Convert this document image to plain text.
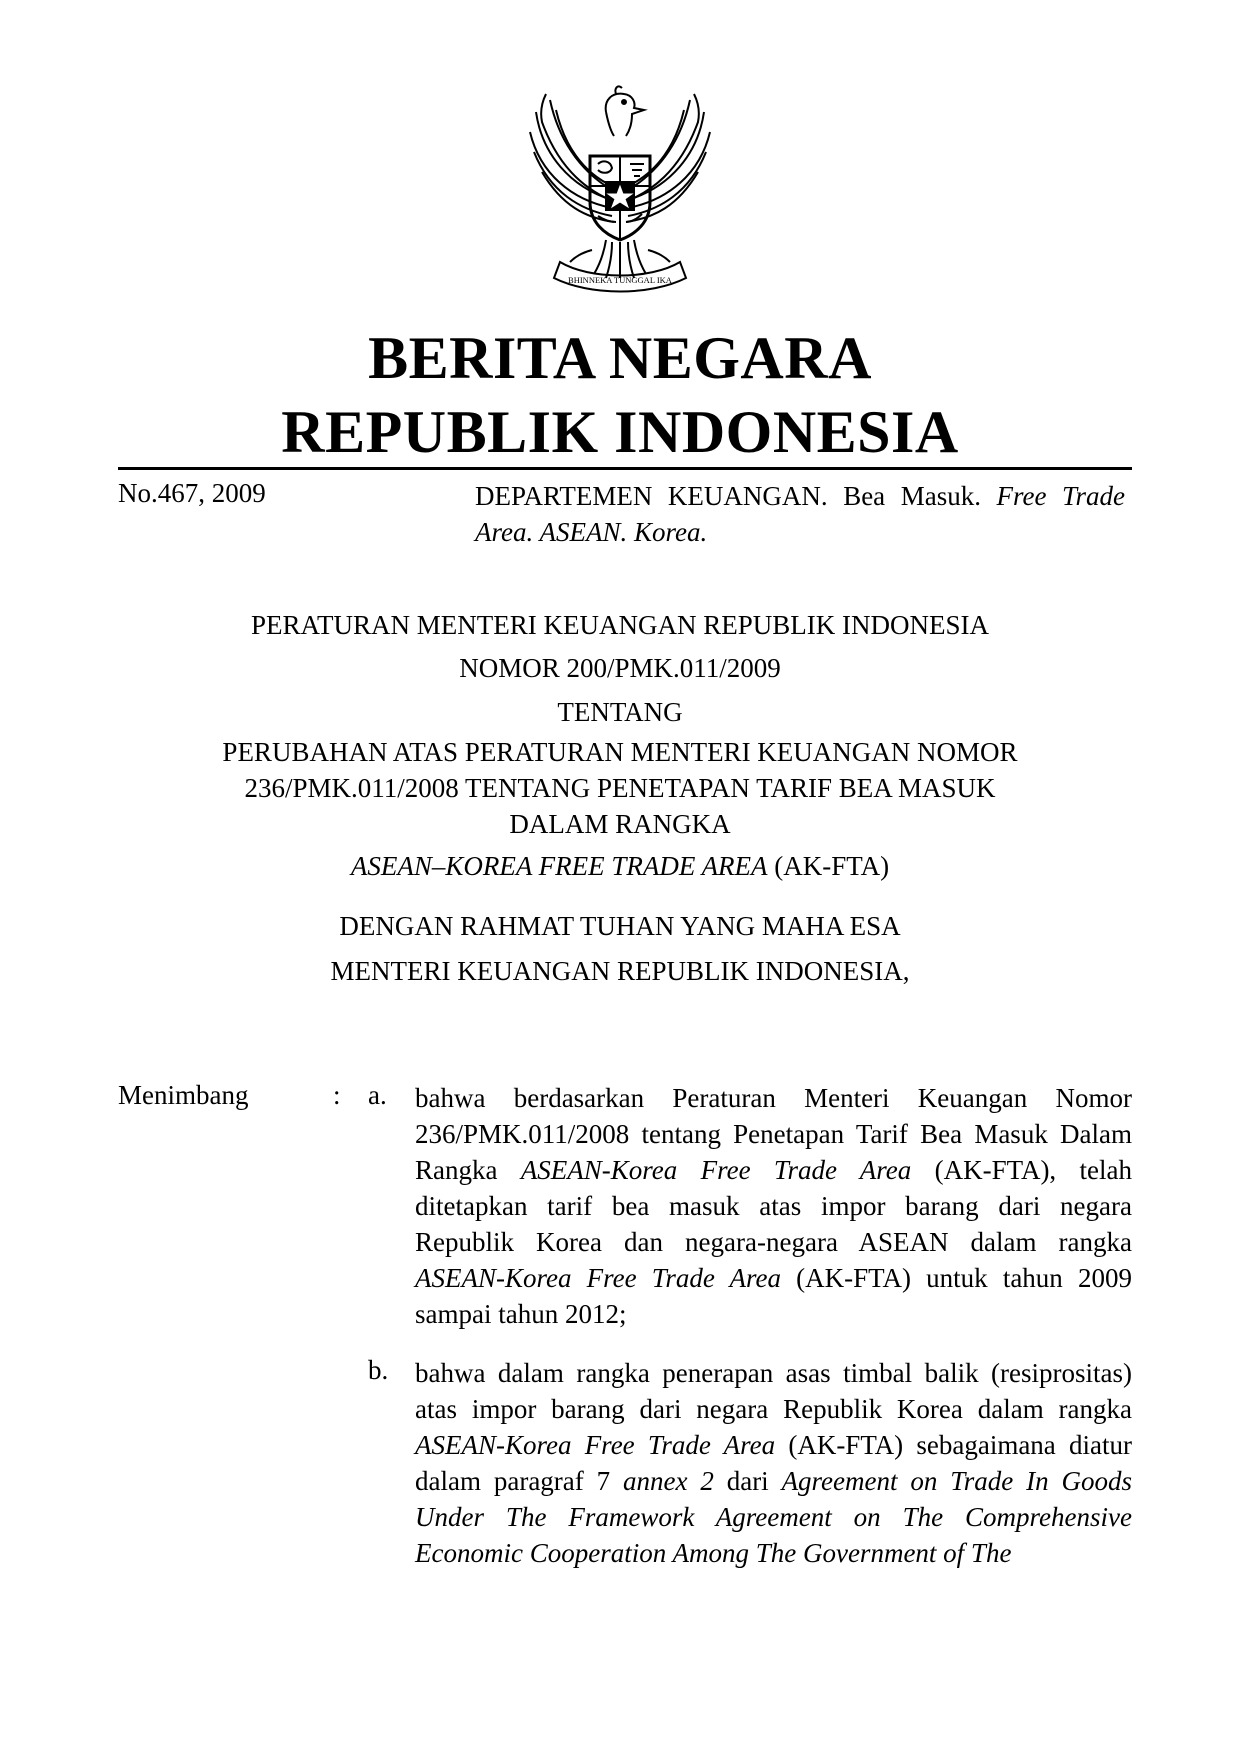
BHINNEKA TUNGGAL IKA
BERITA NEGARA
REPUBLIK INDONESIA
No.467, 2009	DEPARTEMEN KEUANGAN. Bea Masuk. Free Trade Area. ASEAN. Korea.
PERATURAN MENTERI KEUANGAN REPUBLIK INDONESIA
NOMOR 200/PMK.011/2009
TENTANG
PERUBAHAN ATAS PERATURAN MENTERI KEUANGAN NOMOR
236/PMK.011/2008 TENTANG PENETAPAN TARIF BEA MASUK
DALAM RANGKA
ASEAN–KOREA FREE TRADE AREA (AK-FTA)
DENGAN RAHMAT TUHAN YANG MAHA ESA
MENTERI KEUANGAN REPUBLIK INDONESIA,
Menimbang	: a. bahwa berdasarkan Peraturan Menteri Keuangan Nomor 236/PMK.011/2008 tentang Penetapan Tarif Bea Masuk Dalam Rangka ASEAN-Korea Free Trade Area (AK-FTA), telah ditetapkan tarif bea masuk atas impor barang dari negara Republik Korea dan negara-negara ASEAN dalam rangka ASEAN-Korea Free Trade Area (AK-FTA) untuk tahun 2009 sampai tahun 2012;
b. bahwa dalam rangka penerapan asas timbal balik (resiprositas) atas impor barang dari negara Republik Korea dalam rangka ASEAN-Korea Free Trade Area (AK-FTA) sebagaimana diatur dalam paragraf 7 annex 2 dari Agreement on Trade In Goods Under The Framework Agreement on The Comprehensive Economic Cooperation Among The Government of The
